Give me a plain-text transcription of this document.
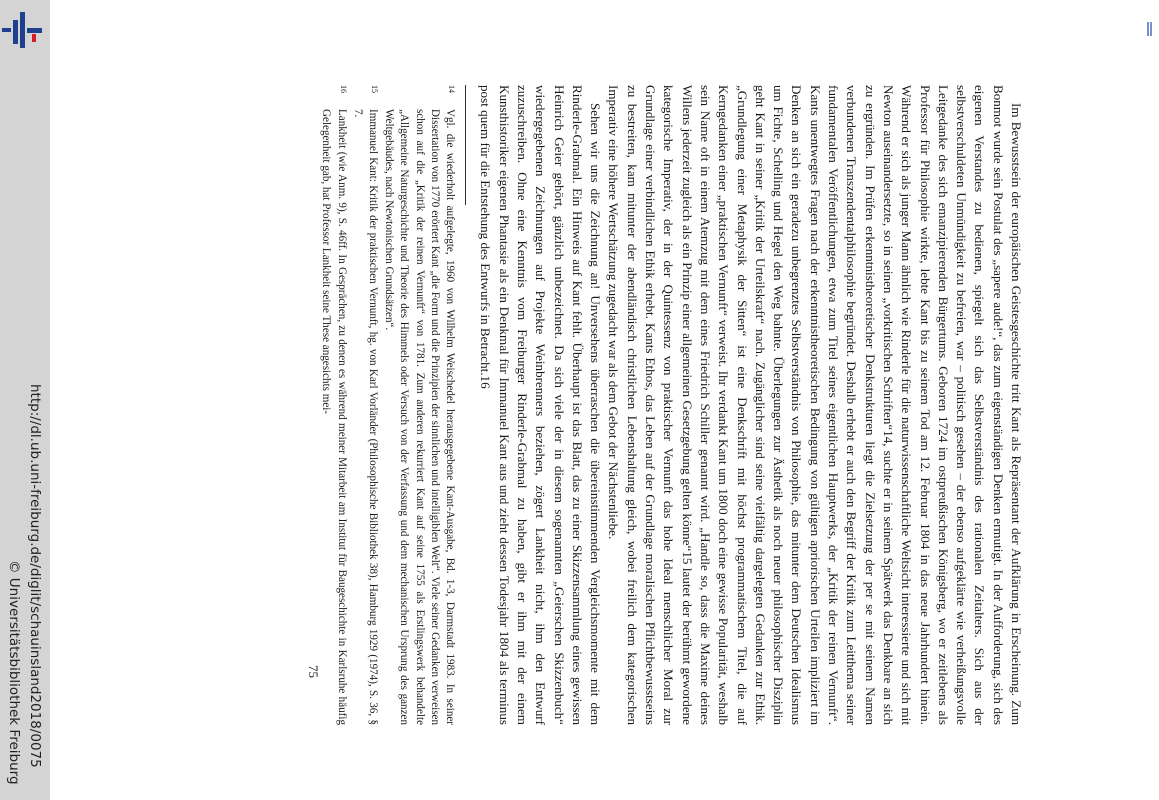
© Universitätsbibliothek Freiburg http://dl.ub.uni-freiburg.de/diglit/schauinsland2018/0075	Im Bewusstsein der europäischen Geistesgeschichte tritt Kant als Repräsentant der Aufklärung in Erscheinung. Zum Bonmot wurde sein Postulat des „sapere aude!“, das zum eigenständigen Denken ermutigt. In der Aufforderung, sich des eigenen Verstandes zu bedienen, spiegelt sich das Selbstverständnis des rationalen Zeitalters. Sich aus der selbstverschuldeten Unmündigkeit zu befreien, war – politisch gesehen – der ebenso aufgeklärte wie verheißungsvolle Leitgedanke des sich emanzipierenden Bürgertums. Geboren 1724 im ostpreußischen Königsberg, wo er zeitlebens als Professor für Philosophie wirkte, lebte Kant bis zu seinem Tod am 12. Februar 1804 in das neue Jahrhundert hinein. Während er sich als junger Mann ähnlich wie Rinderle für die naturwissenschaftliche Weltsicht interessierte und sich mit Newton auseinandersetzte, so in seinen „vorkritischen Schriften“14, suchte er in seinem Spätwerk das Denkbare an sich zu ergründen. Im Prüfen erkenntnistheoretischer Denkstrukturen liegt die Zielsetzung der per se mit seinem Namen verbundenen Transzendentalphilosophie begründet. Deshalb erhebt er auch den Begriff der Kritik zum Leitthema seiner fundamentalen Veröffentlichungen, etwa zum Titel seines eigentlichen Hauptwerks, der „Kritik der reinen Vernunft“. Kants unentwegtes Fragen nach der erkenntnistheoretischen Bedingung von gültigen apriorischen Urteilen impliziert im Denken an sich ein geradezu unbegrenztes Selbstverständnis von Philosophie, das mitunter dem Deutschen Idealismus um Fichte, Schelling und Hegel den Weg bahnte. Überlegungen zur Ästhetik als noch neuer philosophischer Disziplin geht Kant in seiner „Kritik der Urteilskraft“ nach. Zugänglicher sind seine vielfältig dargelegten Gedanken zur Ethik. „Grundlegung einer Metaphysik der Sitten“ ist eine Denkschrift mit höchst programmatischem Titel, die auf Kerngedanken einer „praktischen Vernunft“ verweist. Ihr verdankt Kant um 1800 doch eine gewisse Popularität, weshalb sein Name oft in einem Atemzug mit dem eines Friedrich Schiller genannt wird. „Handle so, dass die Maxime deines Willens jederzeit zugleich als ein Prinzip einer allgemeinen Gesetzgebung gelten könne“15 lautet der berühmt gewordene kategorische Imperativ, der in der Quintessenz von praktischer Vernunft das hohe Ideal menschlicher Moral zur Grundlage einer verbindlichen Ethik erhebt. Kants Ethos, das Leben auf der Grundlage moralischen Pflichtbewusstseins zu bestreiten, kam mitunter der abendländisch christlichen Lebenshaltung gleich, wobei freilich dem kategorischen Imperativ eine höhere Wertschätzung zugedacht war als dem Gebot der Nächstenliebe.

Sehen wir uns die Zeichnung an! Unversehens überraschen die übereinstimmenden Vergleichsmomente mit dem Rinderle-Grabmal. Ein Hinweis auf Kant fehlt. Überhaupt ist das Blatt, das zu einer Skizzensammlung eines gewissen Heinrich Geier gehört, gänzlich unbezeichnet. Da sich viele der in diesem sogenannten „Geierschen Skizzenbuch“ wiedergegebenen Zeichnungen auf Projekte Weinbrenners beziehen, zögert Lankheit nicht, ihm den Entwurf zuzuschreiben. Ohne eine Kenntnis vom Freiburger Rinderle-Grabmal zu haben, gibt er ihm mit der einem Kunsthistoriker eigenen Phantasie als ein Denkmal für Immanuel Kant aus und zieht dessen Todesjahr 1804 als terminus post quem für die Entstehung des Entwurfs in Betracht.16

14
Vgl. die wiederholt aufgelegte, 1960 von Wilhelm Weischedel herausgegebene Kant-Ausgabe, Bd. 1-3, Darmstadt 1983. In seiner Dissertation von 1770 erörtert Kant „die Form und die Prinzipien der sinnlichen und intelligiblen Welt“. Viele seiner Gedanken verweisen schon auf die „Kritik der reinen Vernunft“ von 1781. Zum anderen rekurriert Kant auf seine 1755 als Erstlingswerk behandelte „Allgemeine Naturgeschichte und Theorie des Himmels oder Versuch von der Verfassung und dem mechanischen Ursprung des ganzen Weltgebäudes, nach Newtonischen Grundsätzen“.
15
Immanuel Kant: Kritik der praktischen Vernunft, hg. von Karl Vorländer (Philosophische Bibliothek 38), Hamburg 1929 (1974), S. 36, § 7.
16
Lankheit (wie Anm. 9), S. 46ff. In Gesprächen, zu denen es während meiner Mitarbeit am Institut für Baugeschichte in Karlsruhe häufig Gelegenheit gab, hat Professor Lankheit seine These angesichts mei-
75
